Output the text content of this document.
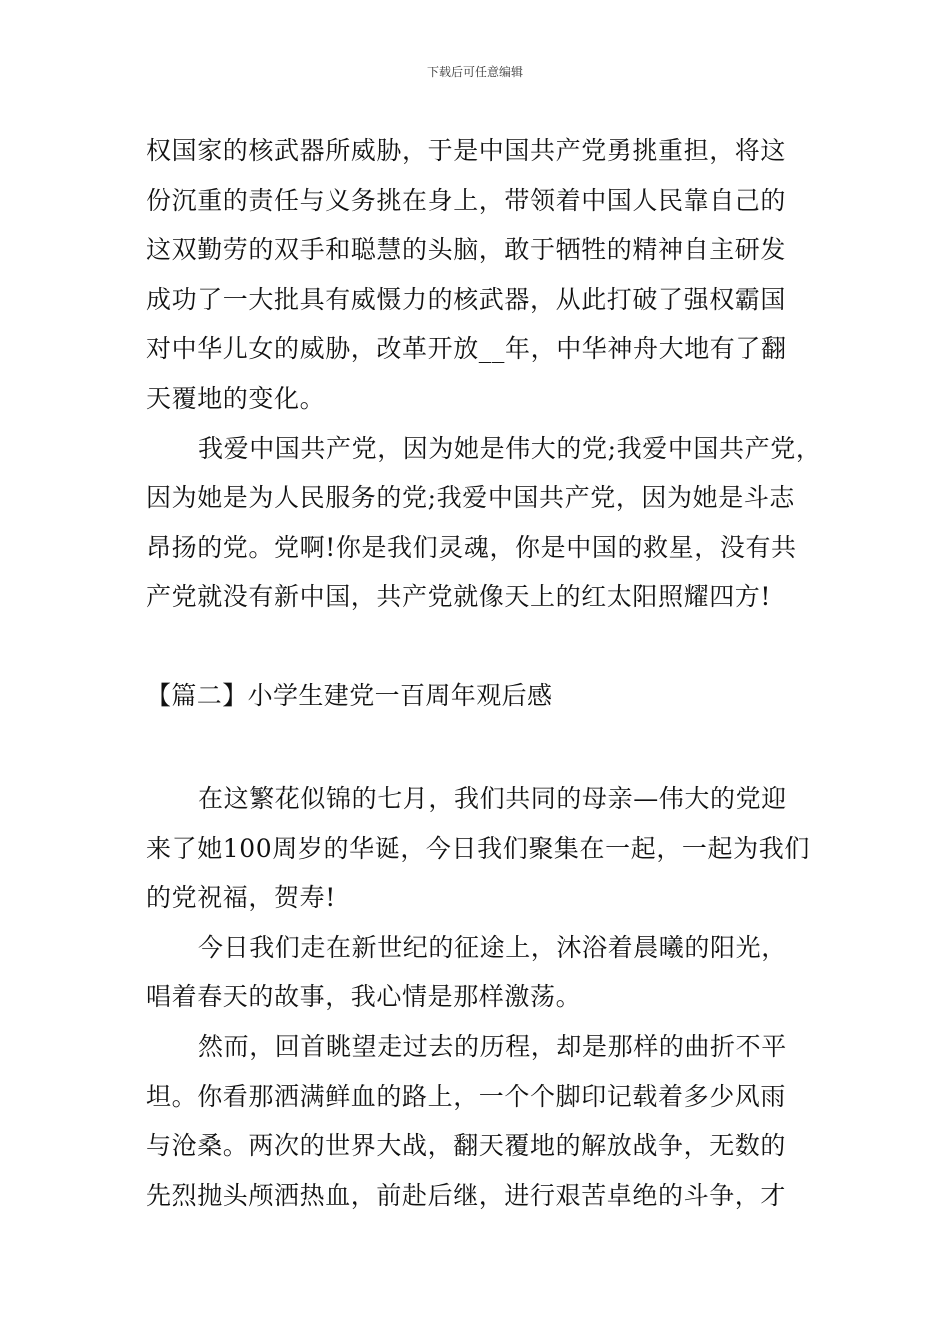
下载后可任意编辑

权国家的核武器所威胁，于是中国共产党勇挑重担，将这
份沉重的责任与义务挑在身上，带领着中国人民靠自己的
这双勤劳的双手和聪慧的头脑，敢于牺牲的精神自主研发
成功了一大批具有威慑力的核武器，从此打破了强权霸国
对中华儿女的威胁，改革开放__年，中华神舟大地有了翻
天覆地的变化。

我爱中国共产党，因为她是伟大的党;我爱中国共产党，
因为她是为人民服务的党;我爱中国共产党，因为她是斗志
昂扬的党。党啊!你是我们灵魂，你是中国的救星，没有共
产党就没有新中国，共产党就像天上的红太阳照耀四方!

【篇二】小学生建党一百周年观后感

在这繁花似锦的七月，我们共同的母亲—伟大的党迎
来了她100周岁的华诞，今日我们聚集在一起，一起为我们
的党祝福，贺寿!

今日我们走在新世纪的征途上，沐浴着晨曦的阳光，
唱着春天的故事，我心情是那样激荡。

然而，回首眺望走过去的历程，却是那样的曲折不平
坦。你看那洒满鲜血的路上，一个个脚印记载着多少风雨
与沧桑。两次的世界大战，翻天覆地的解放战争，无数的
先烈抛头颅洒热血，前赴后继，进行艰苦卓绝的斗争，才
